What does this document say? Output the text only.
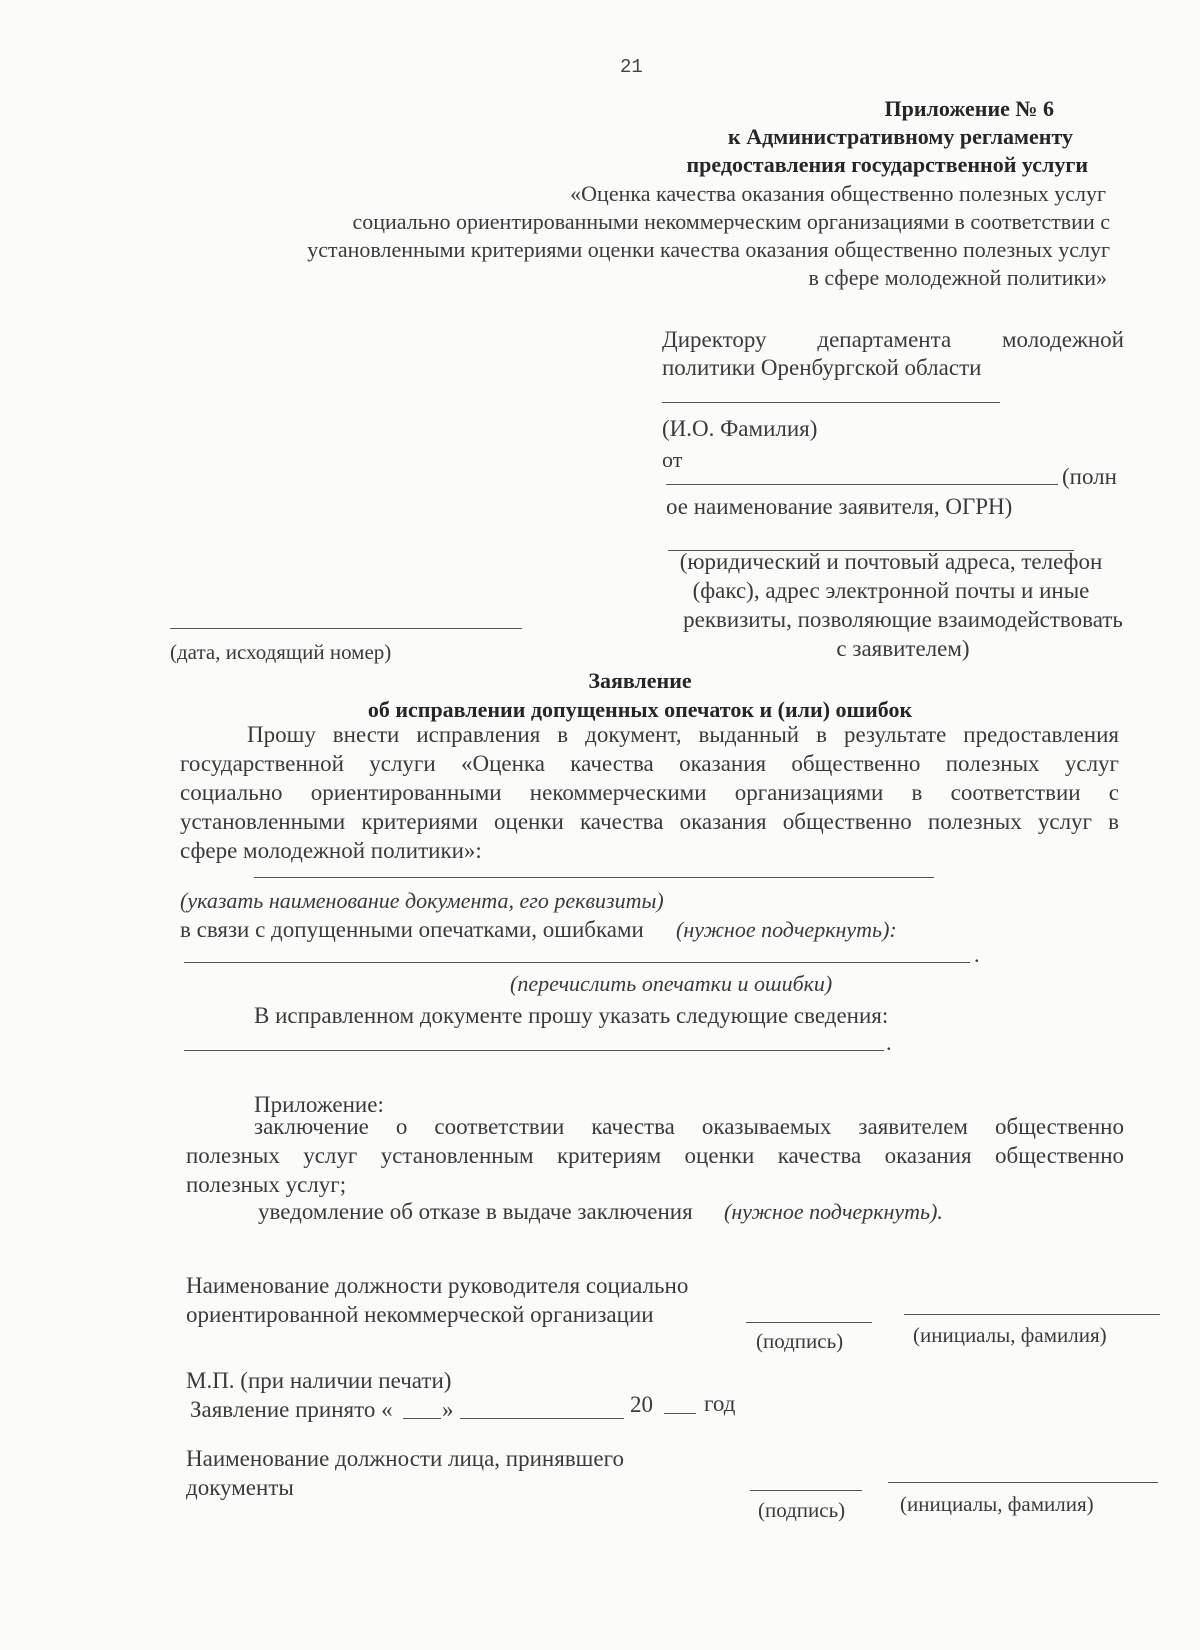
21
Приложение № 6
к Административному регламенту
предоставления государственной услуги
«Оценка качества оказания общественно полезных услуг
социально ориентированными некоммерческим организациями в соответствии с
установленными критериями оценки качества оказания общественно полезных услуг
в сфере молодежной политики»
Директору департамента молодежной
политики Оренбургской области
(И.О. Фамилия)
от
(полн
ое наименование заявителя, ОГРН)
(юридический и почтовый адреса, телефон
(факс), адрес электронной почты и иные
реквизиты, позволяющие взаимодействовать
с заявителем)
(дата, исходящий номер)
Заявление
об исправлении допущенных опечаток и (или) ошибок
Прошу внести исправления в документ, выданный в результате предоставления
государственной услуги «Оценка качества оказания общественно полезных услуг
социально ориентированными некоммерческими организациями в соответствии с
установленными критериями оценки качества оказания общественно полезных услуг в
сфере молодежной политики»:
(указать наименование документа, его реквизиты)
в связи с допущенными опечатками, ошибками (нужное подчеркнуть):
.
(перечислить опечатки и ошибки)
В исправленном документе прошу указать следующие сведения:
.
Приложение:
заключение о соответствии качества оказываемых заявителем общественно
полезных услуг установленным критериям оценки качества оказания общественно
полезных услуг;
уведомление об отказе в выдаче заключения (нужное подчеркнуть).
Наименование должности руководителя социально
ориентированной некоммерческой организации
(подпись)	(инициалы, фамилия)
М.П. (при наличии печати)
Заявление принято « »	20 год
Наименование должности лица, принявшего
документы
(подпись)	(инициалы, фамилия)
